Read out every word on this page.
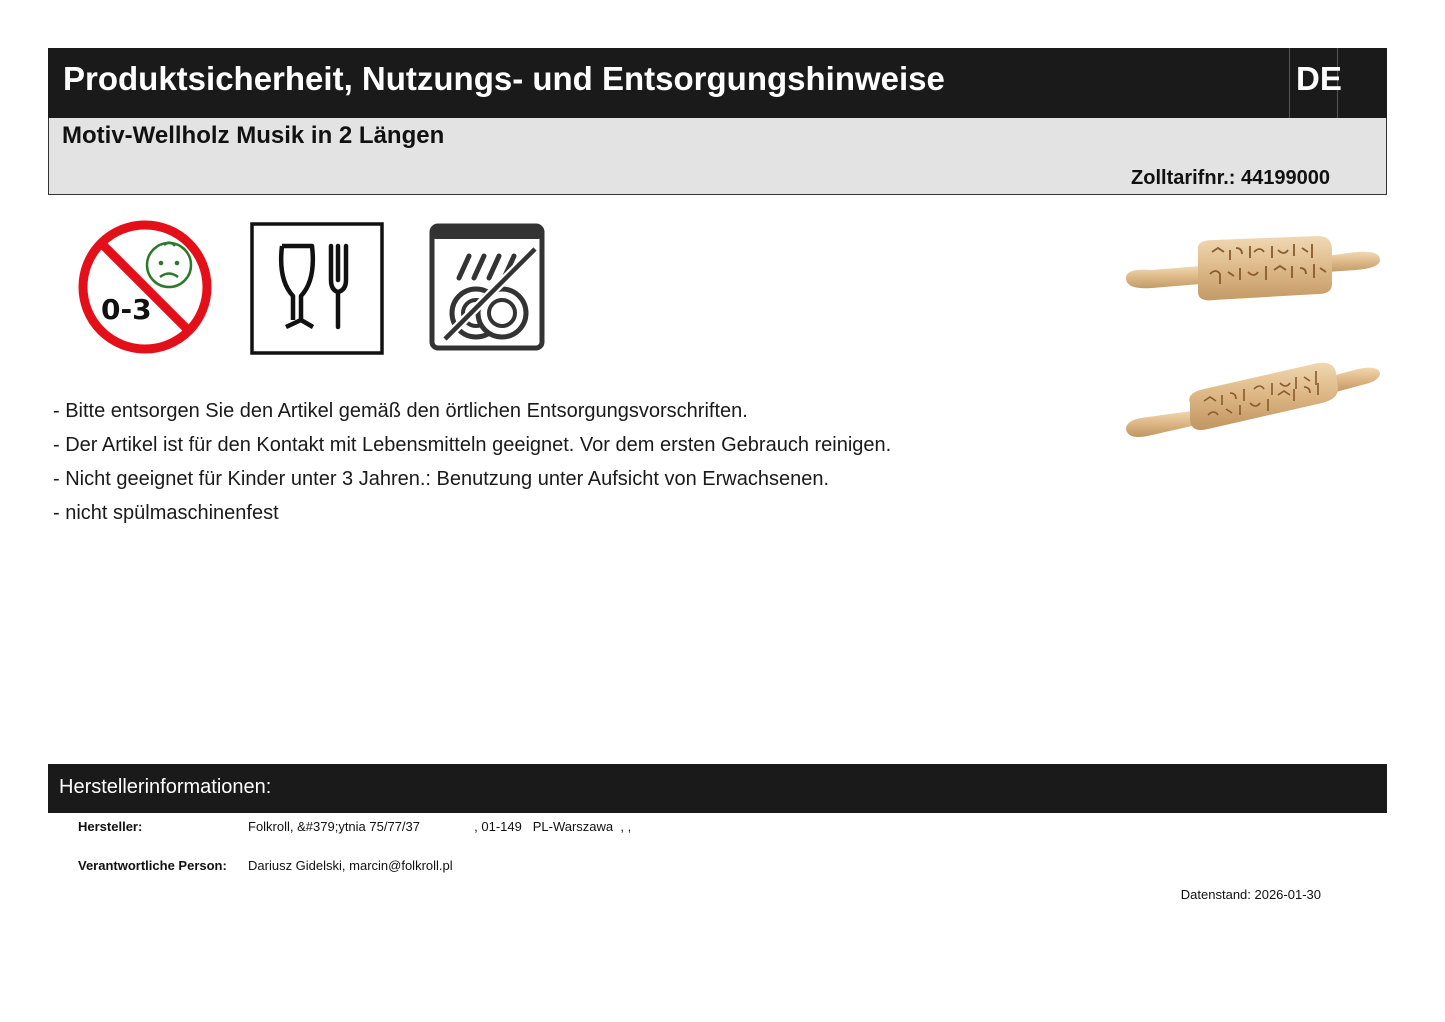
Produktsicherheit, Nutzungs- und Entsorgungshinweise	DE
Motiv-Wellholz Musik in 2 Längen
Zolltarifnr.: 44199000
0-3
- Bitte entsorgen Sie den Artikel gemäß den örtlichen Entsorgungsvorschriften.
- Der Artikel ist für den Kontakt mit Lebensmitteln geeignet. Vor dem ersten Gebrauch reinigen.
- Nicht geeignet für Kinder unter 3 Jahren.: Benutzung unter Aufsicht von Erwachsenen.
- nicht spülmaschinenfest
Herstellerinformationen:
Hersteller:	Folkroll, &#379;ytnia 75/77/37               , 01-149   PL-Warszawa  , ,
Verantwortliche Person: Dariusz Gidelski, marcin@folkroll.pl
Datenstand: 2026-01-30
